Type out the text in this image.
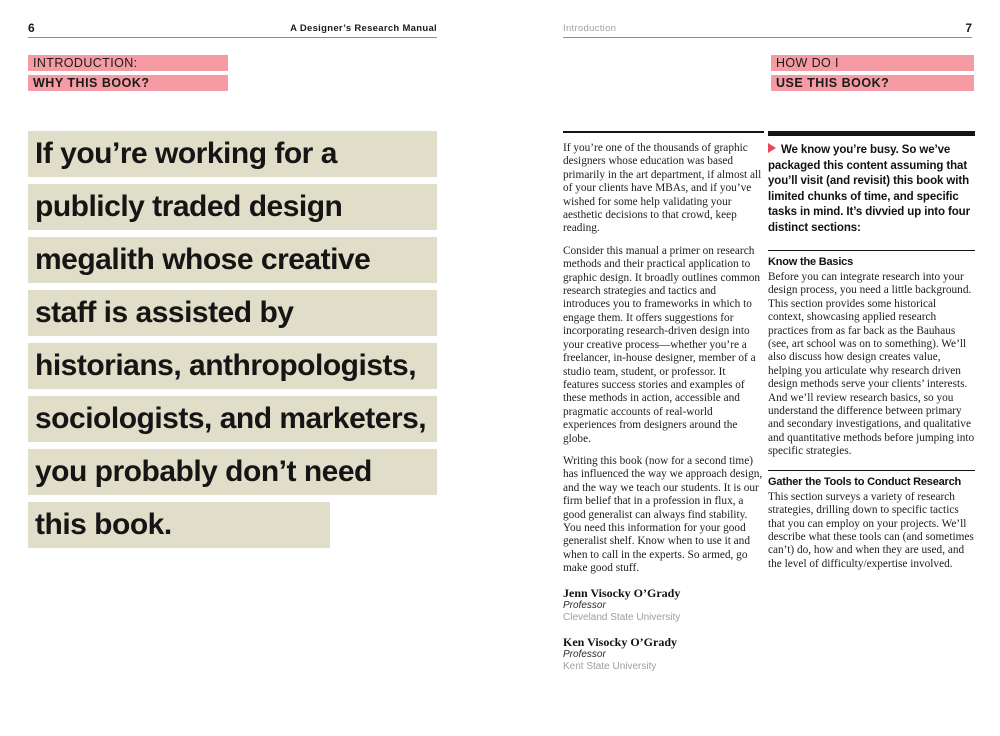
6	A Designer’s Research Manual
INTRODUCTION:
WHY THIS BOOK?
If you’re working for a
publicly traded design
megalith whose creative
staff is assisted by
historians, anthropologists,
sociologists, and marketers,
you probably don’t need
this book.
Introduction	7
HOW DO I
USE THIS BOOK?

If you’re one of the thousands of graphic designers whose education was based primarily in the art department, if almost all of your clients have MBAs, and if you’ve wished for some help validating your aesthetic decisions to that crowd, keep reading.

Consider this manual a primer on research methods and their practical application to graphic design. It broadly outlines common research strategies and tactics and introduces you to frameworks in which to engage them. It offers suggestions for incorporating research-driven design into your creative process—whether you’re a freelancer, in-house designer, member of a studio team, student, or professor. It features success stories and examples of these methods in action, accessible and pragmatic accounts of real-world experiences from designers around the globe.

Writing this book (now for a second time) has influenced the way we approach design, and the way we teach our students. It is our firm belief that in a profession in flux, a good generalist can always find stability. You need this information for your good generalist shelf. Know when to use it and when to call in the experts. So armed, go make good stuff.

Jenn Visocky O’Grady
Professor
Cleveland State University
Ken Visocky O’Grady
Professor
Kent State University

We know you’re busy. So we’ve packaged this content assuming that you’ll visit (and revisit) this book with limited chunks of time, and specific tasks in mind. It’s divvied up into four distinct sections:

Know the Basics

Before you can integrate research into your design process, you need a little background. This section provides some historical context, showcasing applied research practices from as far back as the Bauhaus (see, art school was on to something). We’ll also discuss how design creates value, helping you articulate why research driven design methods serve your clients’ interests. And we’ll review research basics, so you understand the difference between primary and secondary investigations, and qualitative and quantitative methods before jumping into specific strategies.

Gather the Tools to Conduct Research

This section surveys a variety of research strategies, drilling down to specific tactics that you can employ on your projects. We’ll describe what these tools can (and sometimes can’t) do, how and when they are used, and the level of difficulty/expertise involved.
